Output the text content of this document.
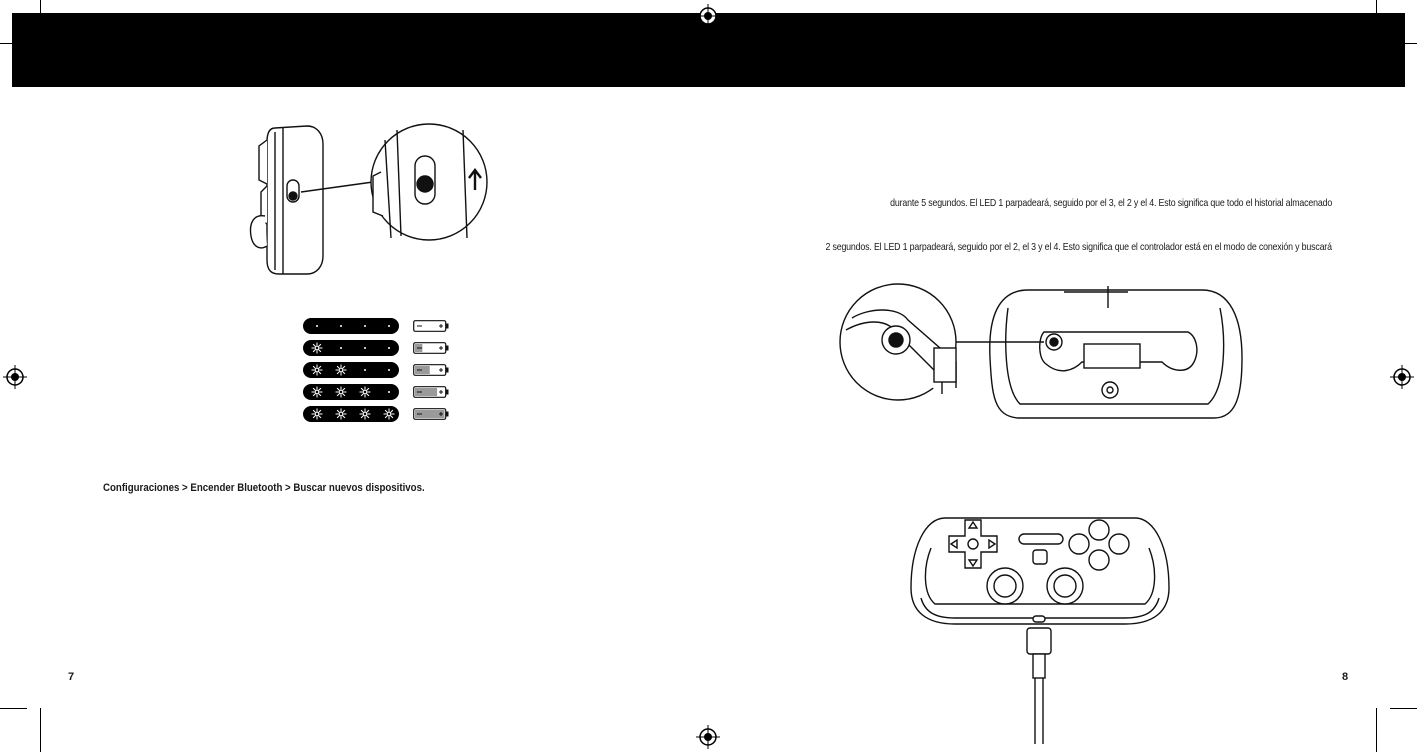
durante 5 segundos. El LED 1 parpadeará, seguido por el 3, el 2 y el 4. Esto significa que todo el historial almacenado
2 segundos. El LED 1 parpadeará, seguido por el 2, el 3 y el 4. Esto significa que el controlador está en el modo de conexión y buscará
Configuraciones > Encender Bluetooth > Buscar nuevos dispositivos.
7	8
